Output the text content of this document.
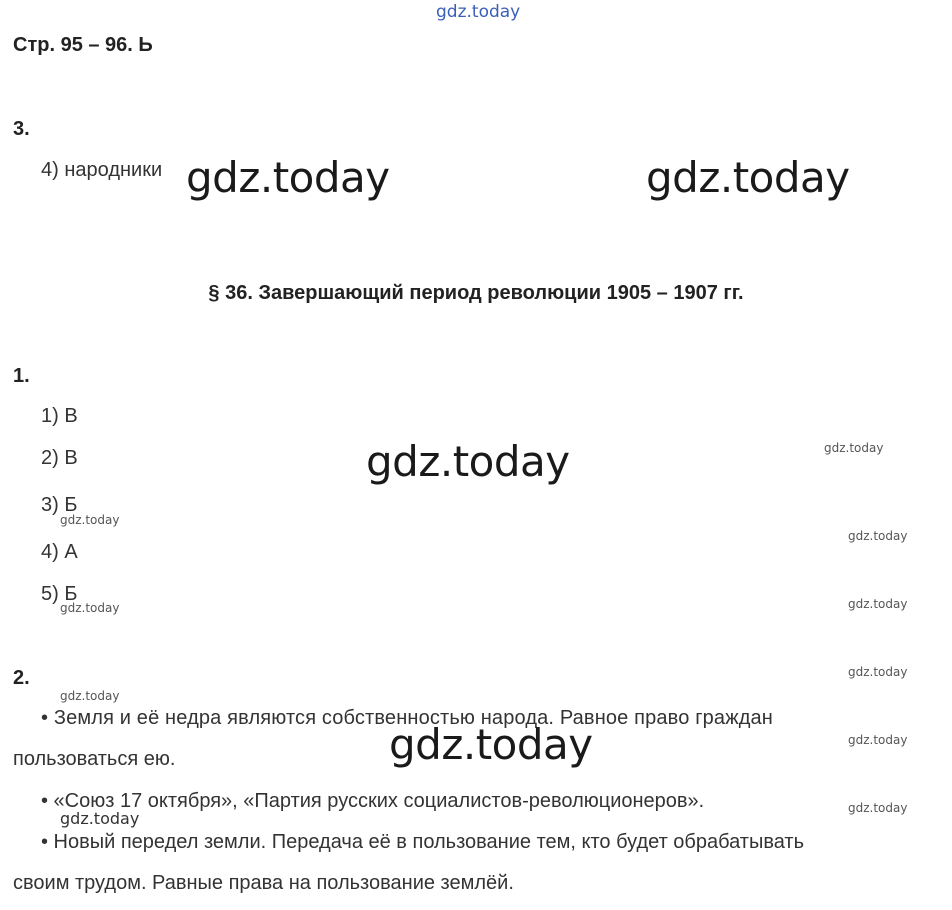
gdz.today
Стр. 95 – 96. Ь
3.
4) народники gdz.today	gdz.today
§ 36. Завершающий период революции 1905 – 1907 гг.
1.
1) В
2) В
3) Б
4) А
5) Б
gdz.today	gdz.today
gdz.today
gdz.today
gdz.today	gdz.today
gdz.today
gdz.today
gdz.today
gdz.today
2.
• Земля и её недра являются собственностью народа. Равное право граждан
пользоваться ею.	gdz.today
• «Союз 17 октября», «Партия русских социалистов-революционеров».
gdz.today
• Новый передел земли. Передача её в пользование тем, кто будет обрабатывать
своим трудом. Равные права на пользование землёй.
